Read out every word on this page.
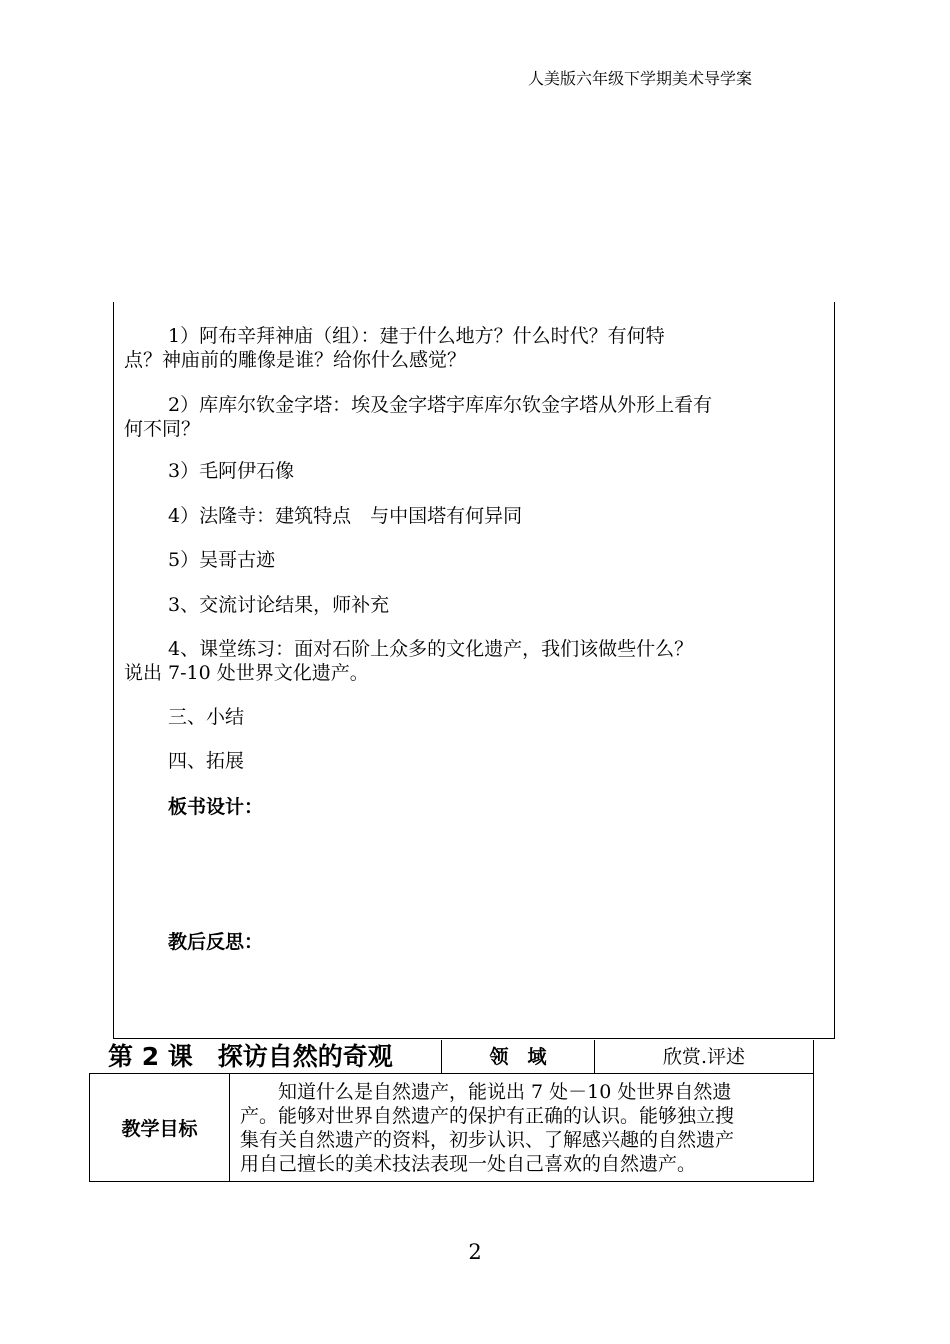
人美版六年级下学期美术导学案
1）阿布辛拜神庙（组）：建于什么地方？什么时代？有何特
点？神庙前的雕像是谁？给你什么感觉？
2）库库尔钦金字塔：埃及金字塔宇库库尔钦金字塔从外形上看有
何不同？
3）毛阿伊石像
4）法隆寺：建筑特点　与中国塔有何异同
5）吴哥古迹
3、交流讨论结果，师补充
4、课堂练习：面对石阶上众多的文化遗产，我们该做些什么？
说出 7-10 处世界文化遗产。
三、小结
四、拓展
板书设计：
教后反思：
第 2 课　探访自然的奇观	领　域	欣赏.评述
教学目标
　　知道什么是自然遗产，能说出 7 处－10 处世界自然遗
产。能够对世界自然遗产的保护有正确的认识。能够独立搜
集有关自然遗产的资料，初步认识、了解感兴趣的自然遗产
用自己擅长的美术技法表现一处自己喜欢的自然遗产。
2
